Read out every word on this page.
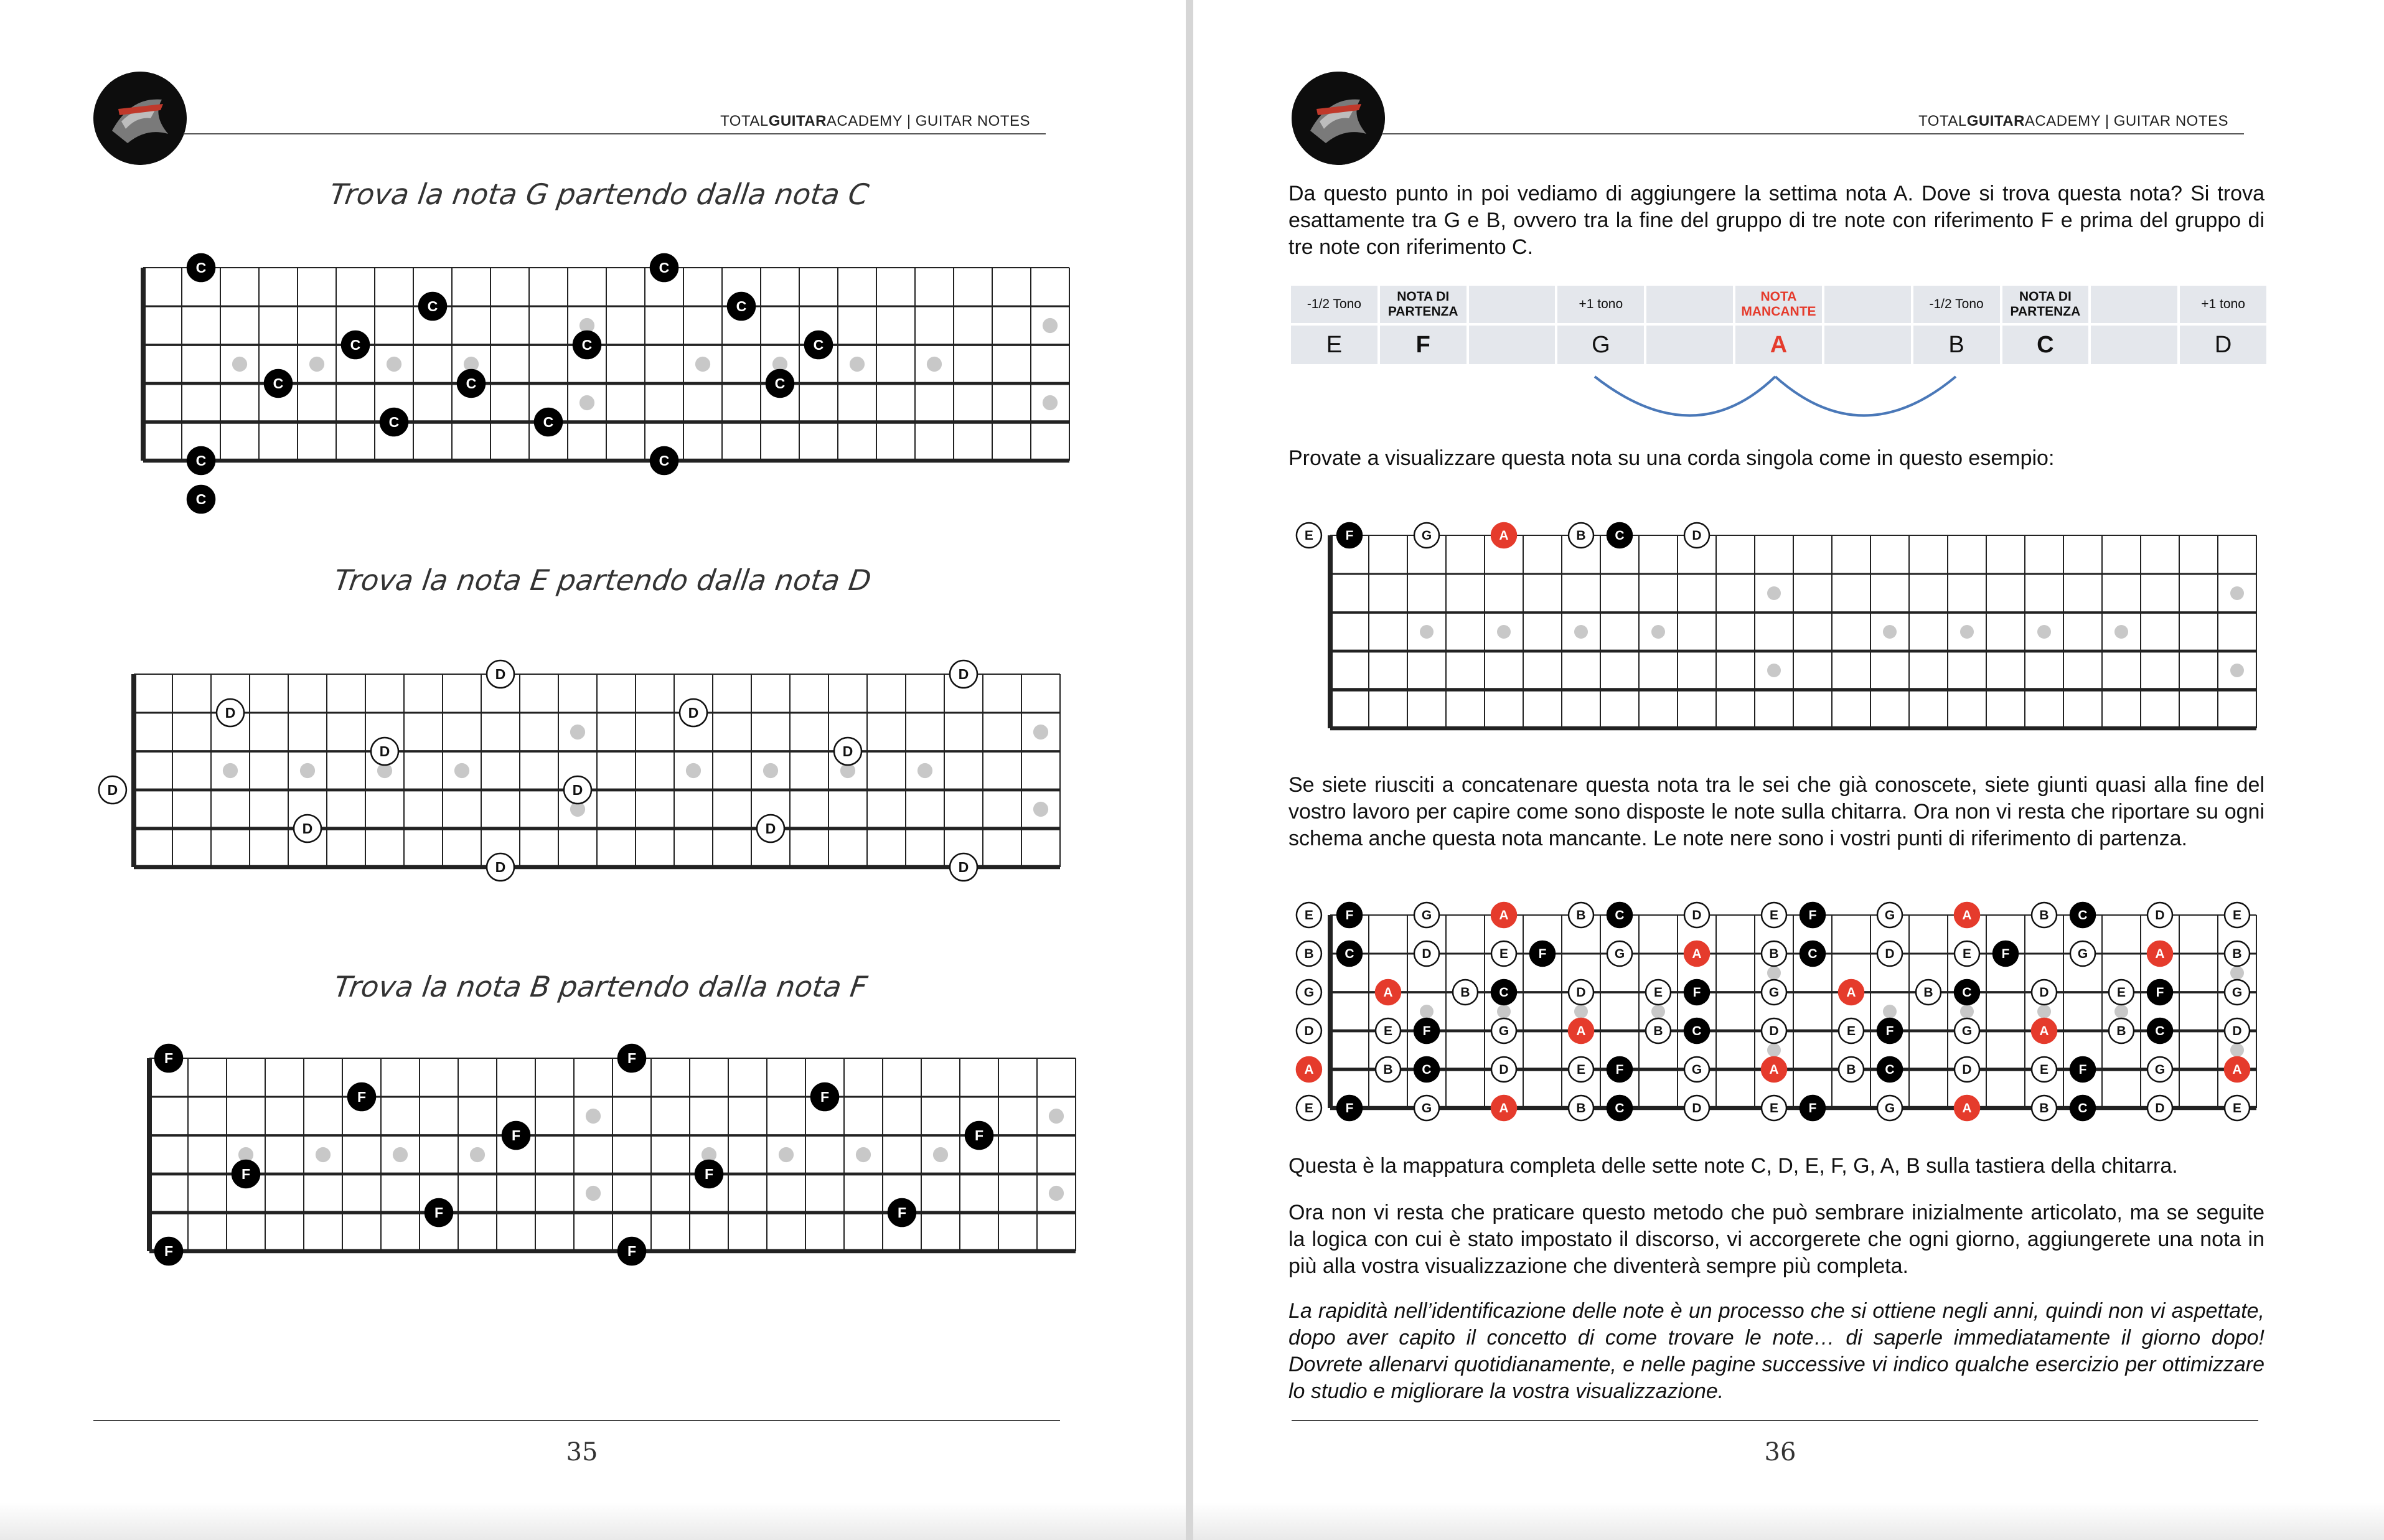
TOTALGUITARACADEMY | GUITAR NOTES
Trova la nota G partendo dalla nota C
C
C
C
C
C
C
C
C
C
C
C
C
C
C
C
Trova la nota E partendo dalla nota D
D
D
D
D
D
D
D
D
D
D
D
D
Trova la nota B partendo dalla nota F
F
F
F
F
F
F
F
F
F
F
F
F
35
TOTALGUITARACADEMY | GUITAR NOTES
Da questo punto in poi vediamo di aggiungere la settima nota A. Dove si trova questa nota? Si trova esattamente tra G e B, ovvero tra la fine del gruppo di tre note con riferimento F e prima del gruppo di tre note con riferimento C.
-1/2 Tono	NOTA DI PARTENZA		+1 tono		NOTA MANCANTE		-1/2 Tono	NOTA DI PARTENZA		+1 tono
E	F		G		A		B	C		D
Provate a visualizzare questa nota su una corda singola come in questo esempio:
E F	G	A	B C	D
Se siete riusciti a concatenare questa nota tra le sei che già conoscete, siete giunti quasi alla fine del vostro lavoro per capire come sono disposte le note sulla chitarra. Ora non vi resta che riportare su ogni schema anche questa nota mancante. Le note nere sono i vostri punti di riferimento di partenza.
E
B
G
D
A
E
F	G	A	B C	D	E F	G	A	B C	D	E
C	D	E F	G	A	B C	D	E F	G	A	B
A	B C	D	E F	G	A	B C	D	E F	G
E F	G	A	B C	D	E F	G	A	B C	D
B C	D	E F	G	A	B C	D	E F	G	A
F	G	A	B C	D	E F	G	A	B C	D	E
Questa è la mappatura completa delle sette note C, D, E, F, G, A, B sulla tastiera della chitarra.
Ora non vi resta che praticare questo metodo che può sembrare inizialmente articolato, ma se seguite la logica con cui è stato impostato il discorso, vi accorgerete che ogni giorno, aggiungerete una nota in più alla vostra visualizzazione che diventerà sempre più completa.
La rapidità nell’identificazione delle note è un processo che si ottiene negli anni, quindi non vi aspettate, dopo aver capito il concetto di come trovare le note… di saperle immediatamente il giorno dopo! Dovrete allenarvi quotidianamente, e nelle pagine successive vi indico qualche esercizio per ottimizzare lo studio e migliorare la vostra visualizzazione.
36
